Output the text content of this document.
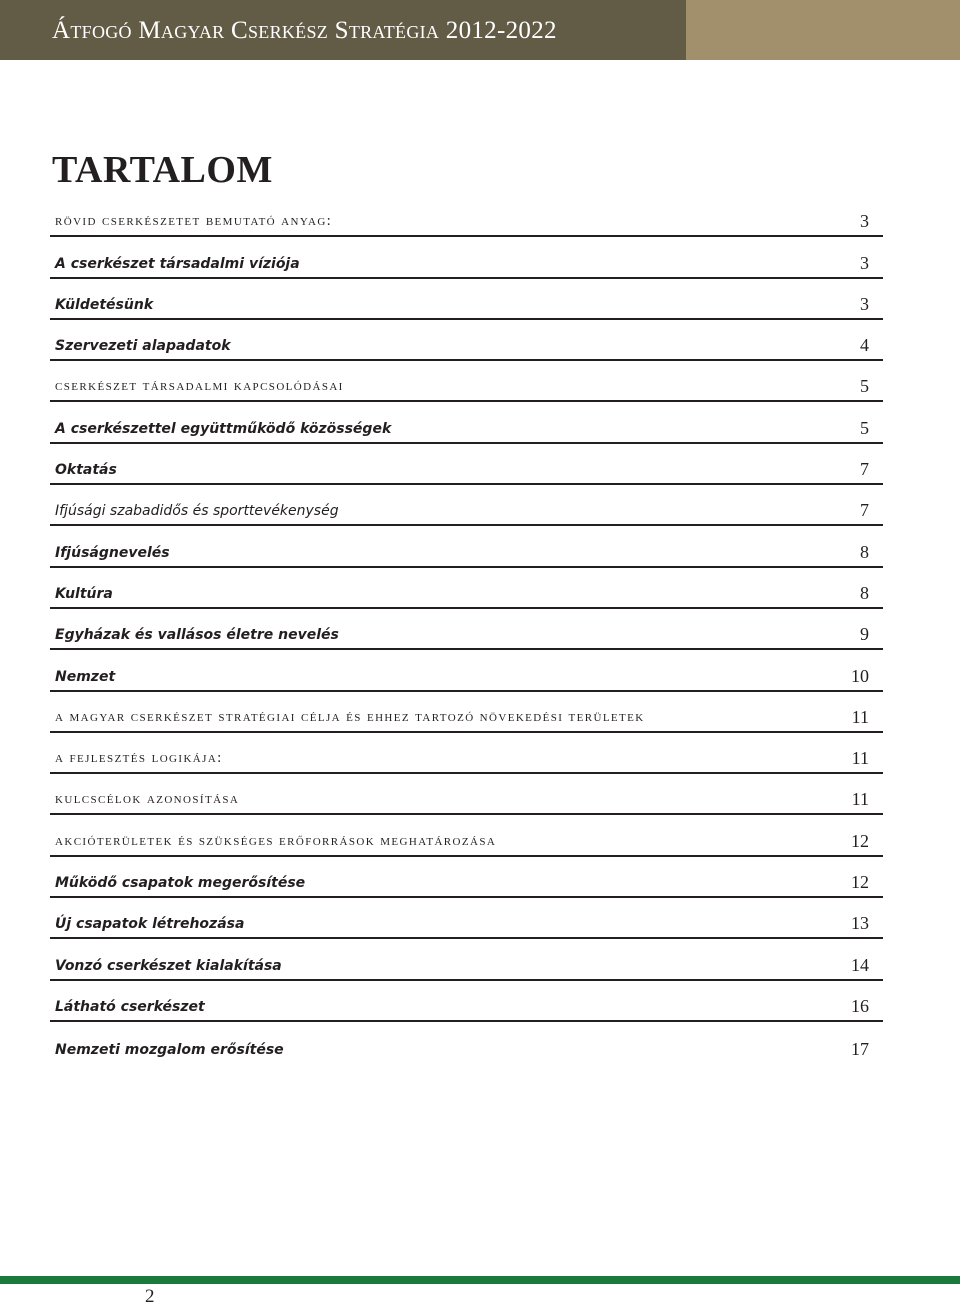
Átfogó Magyar Cserkész Stratégia 2012-2022
TARTALOM
rövid cserkészetet bemutató anyag:	3
A cserkészet társadalmi víziója	3
Küldetésünk	3
Szervezeti alapadatok	4
cserkészet társadalmi kapcsolódásai	5
A cserkészettel együttműködő közösségek	5
Oktatás	7
Ifjúsági szabadidős és sporttevékenység	7
Ifjúságnevelés	8
Kultúra	8
Egyházak és vallásos életre nevelés	9
Nemzet	10
a magyar cserkészet stratégiai célja és ehhez tartozó növekedési területek	11
a fejlesztés logikája:	11
kulcscélok azonosítása	11
akcióterületek és szükséges erőforrások meghatározása	12
Működő csapatok megerősítése	12
Új csapatok létrehozása	13
Vonzó cserkészet kialakítása	14
Látható cserkészet	16
Nemzeti mozgalom erősítése	17
2
